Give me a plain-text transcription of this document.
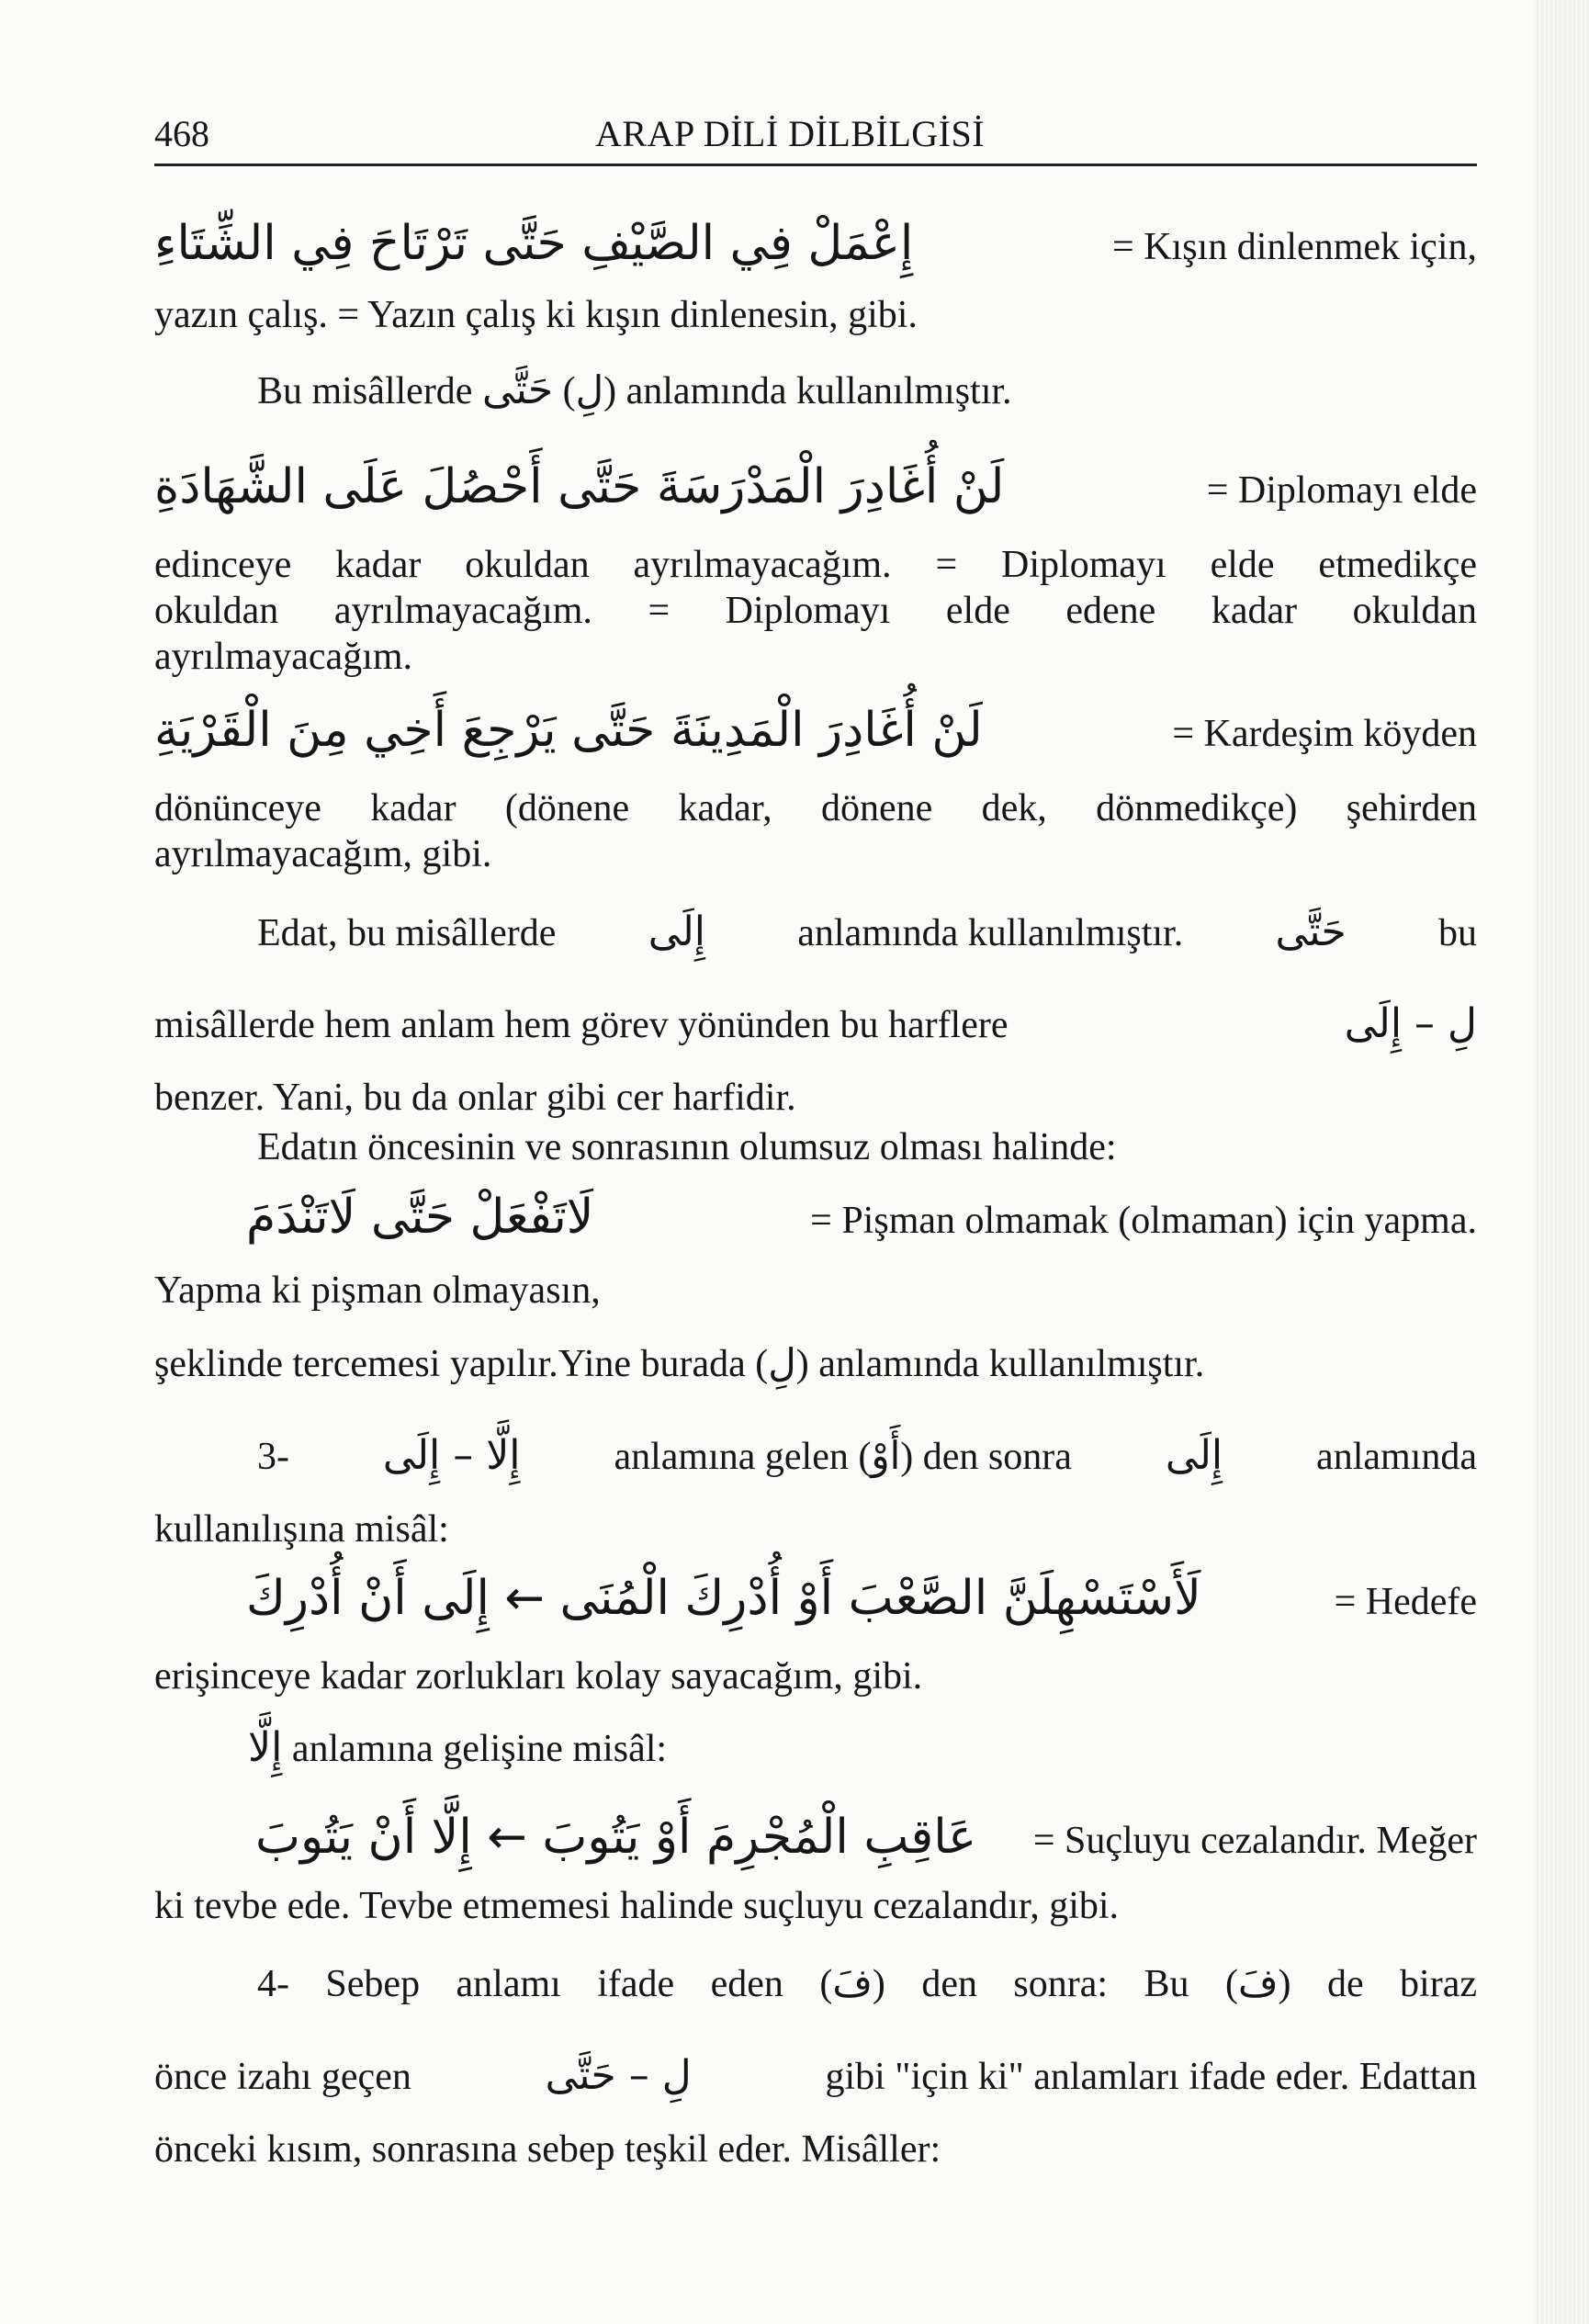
468	ARAP DİLİ DİLBİLGİSİ
إِعْمَلْ فِي الصَّيْفِ حَتَّى تَرْتَاحَ فِي الشِّتَاءِ	= Kışın dinlenmek için,
yazın çalış. = Yazın çalış ki kışın dinlenesin, gibi.
Bu misâllerde حَتَّى (لِ) anlamında kullanılmıştır.
لَنْ أُغَادِرَ الْمَدْرَسَةَ حَتَّى أَحْصُلَ عَلَى الشَّهَادَةِ	= Diplomayı elde
edinceye kadar okuldan ayrılmayacağım. = Diplomayı elde etmedikçe
okuldan ayrılmayacağım. = Diplomayı elde edene kadar okuldan
ayrılmayacağım.
لَنْ أُغَادِرَ الْمَدِينَةَ حَتَّى يَرْجِعَ أَخِي مِنَ الْقَرْيَةِ	= Kardeşim köyden
dönünceye kadar (dönene kadar, dönene dek, dönmedikçe) şehirden
ayrılmayacağım, gibi.
Edat, bu misâllerde إِلَى anlamında kullanılmıştır. حَتَّى bu
misâllerde hem anlam hem görev yönünden bu harflere	لِ – إِلَى
benzer. Yani, bu da onlar gibi cer harfidir.
Edatın öncesinin ve sonrasının olumsuz olması halinde:
لَاتَفْعَلْ حَتَّى لَاتَنْدَمَ	= Pişman olmamak (olmaman) için yapma.
Yapma ki pişman olmayasın,
şeklinde tercemesi yapılır.Yine burada (لِ) anlamında kullanılmıştır.
3- إِلَّا – إِلَى anlamına gelen (أَوْ) den sonra إِلَى anlamında
kullanılışına misâl:
لَأَسْتَسْهِلَنَّ الصَّعْبَ أَوْ أُدْرِكَ الْمُنَى ← إِلَى أَنْ أُدْرِكَ	= Hedefe
erişinceye kadar zorlukları kolay sayacağım, gibi.
إِلَّا anlamına gelişine misâl:
عَاقِبِ الْمُجْرِمَ أَوْ يَتُوبَ ← إِلَّا أَنْ يَتُوبَ = Suçluyu cezalandır. Meğer
ki tevbe ede. Tevbe etmemesi halinde suçluyu cezalandır, gibi.
4- Sebep anlamı ifade eden (فَ) den sonra: Bu (فَ) de biraz
önce izahı geçen	لِ – حَتَّى	gibi "için ki" anlamları ifade eder. Edattan
önceki kısım, sonrasına sebep teşkil eder. Misâller:
